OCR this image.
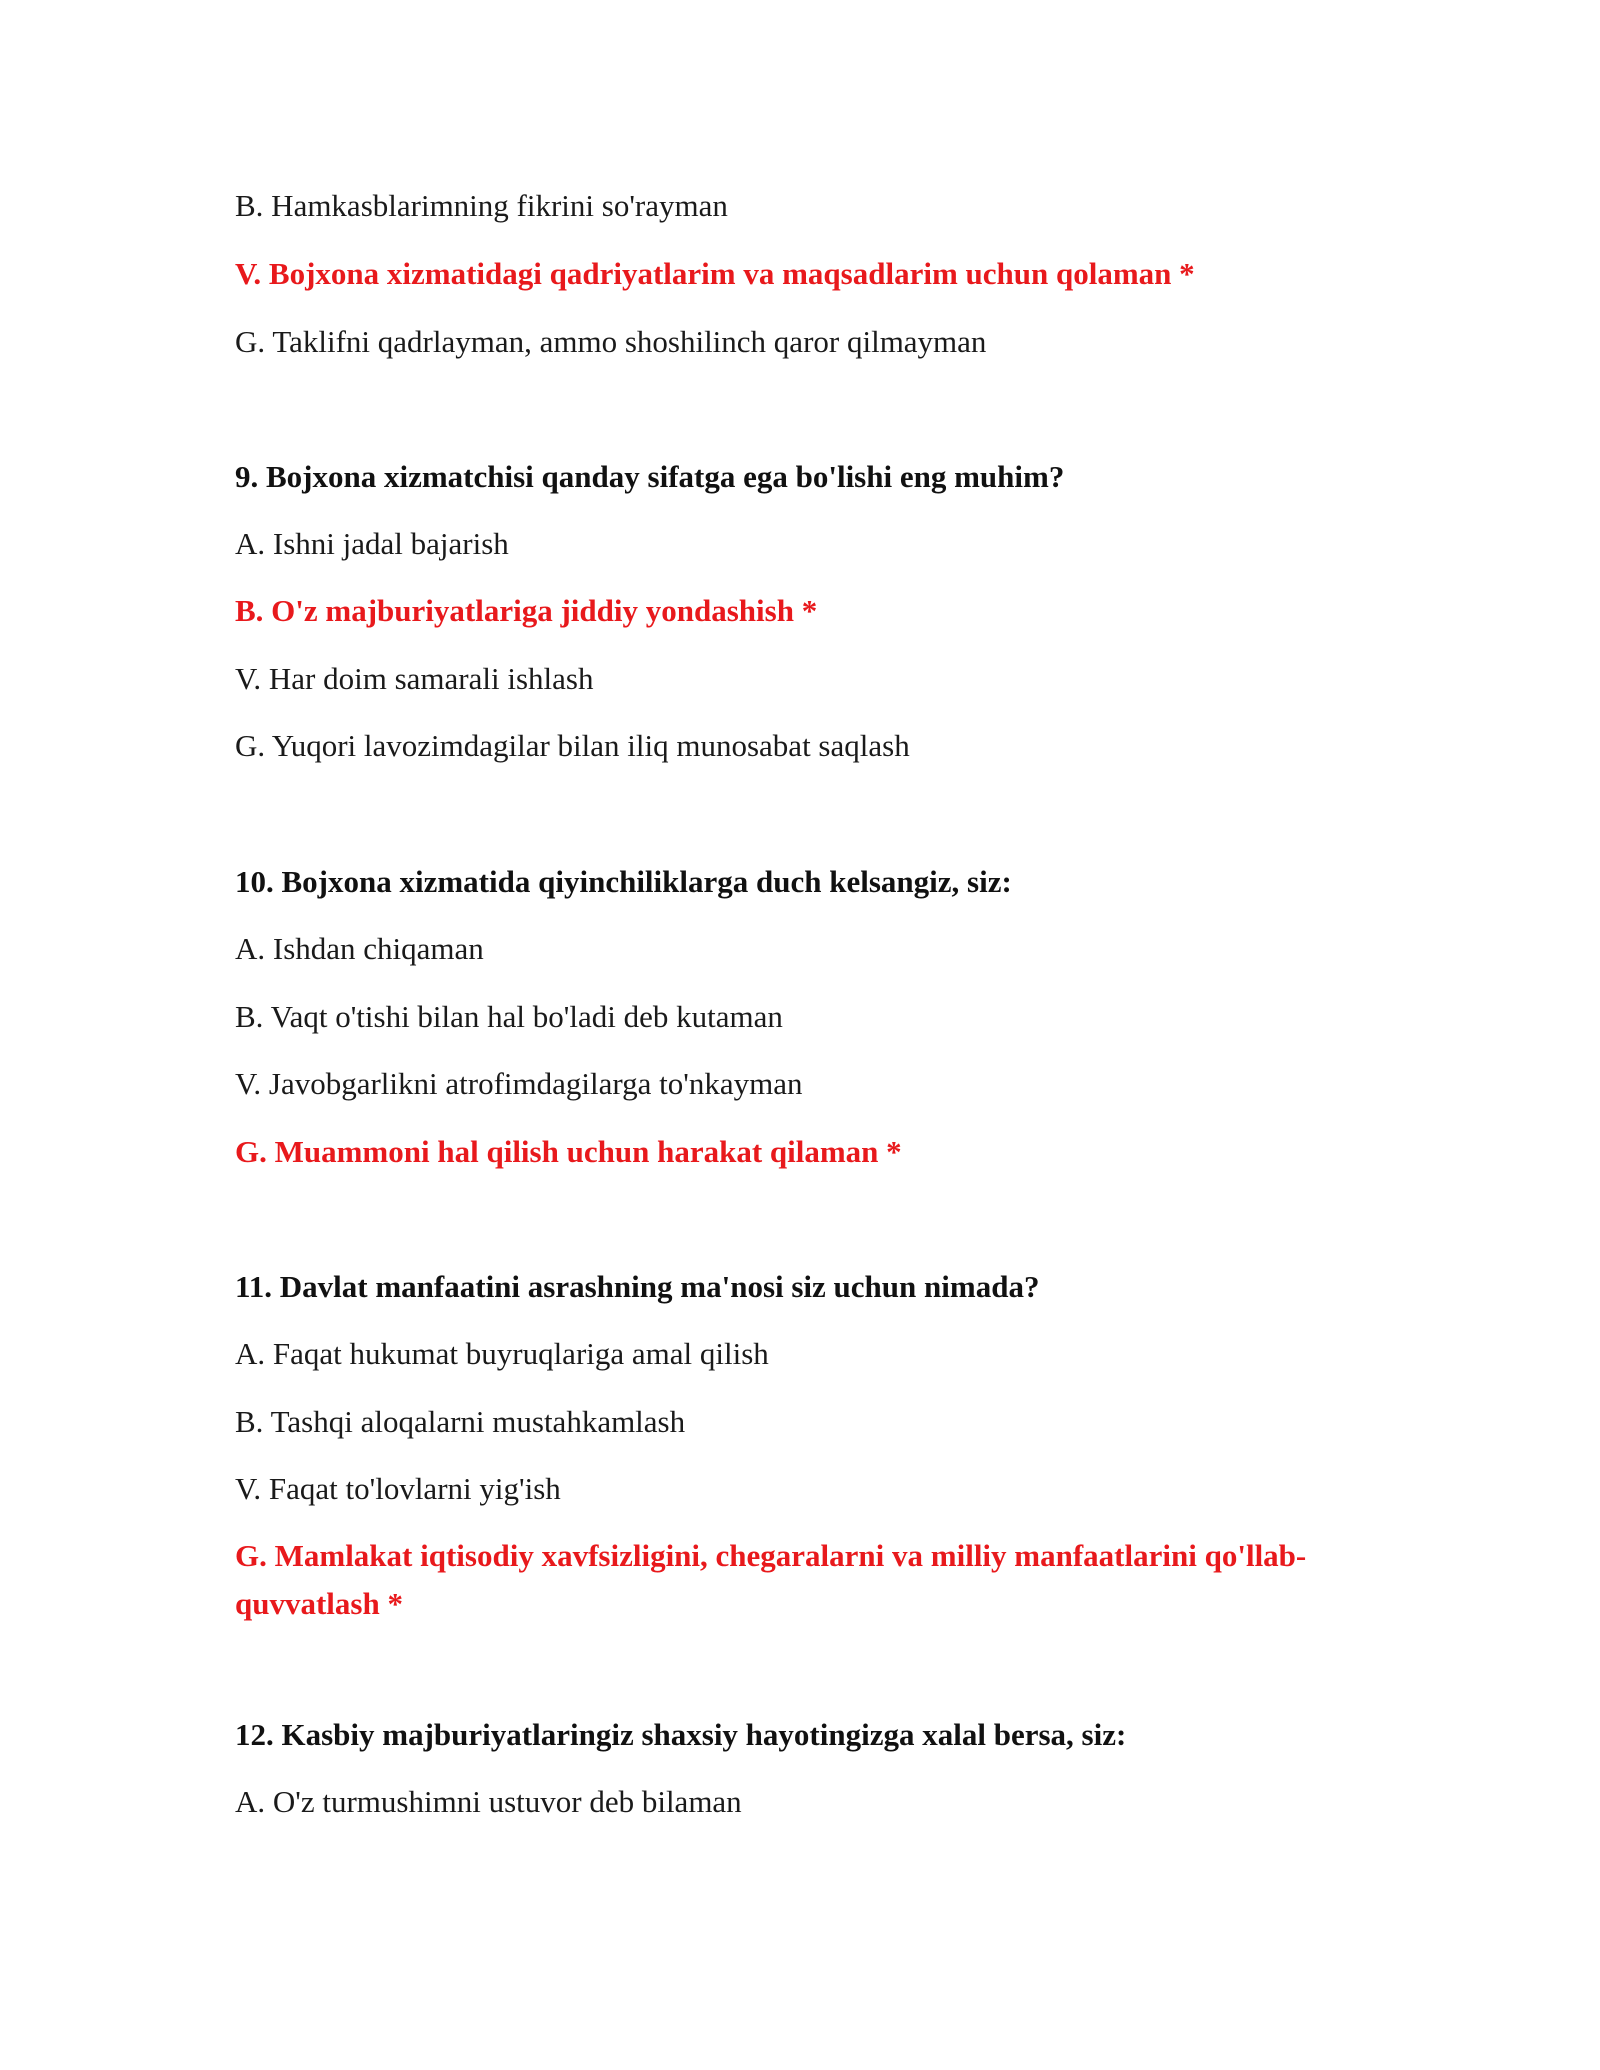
B. Hamkasblarimning fikrini so'rayman
V. Bojxona xizmatidagi qadriyatlarim va maqsadlarim uchun qolaman *
G. Taklifni qadrlayman, ammo shoshilinch qaror qilmayman
9. Bojxona xizmatchisi qanday sifatga ega bo'lishi eng muhim?
A. Ishni jadal bajarish
B. O'z majburiyatlariga jiddiy yondashish *
V. Har doim samarali ishlash
G. Yuqori lavozimdagilar bilan iliq munosabat saqlash
10. Bojxona xizmatida qiyinchiliklarga duch kelsangiz, siz:
A. Ishdan chiqaman
B. Vaqt o'tishi bilan hal bo'ladi deb kutaman
V. Javobgarlikni atrofimdagilarga to'nkayman
G. Muammoni hal qilish uchun harakat qilaman *
11. Davlat manfaatini asrashning ma'nosi siz uchun nimada?
A. Faqat hukumat buyruqlariga amal qilish
B. Tashqi aloqalarni mustahkamlash
V. Faqat to'lovlarni yig'ish
G. Mamlakat iqtisodiy xavfsizligini, chegaralarni va milliy manfaatlarini qo'llab-quvvatlash *
12. Kasbiy majburiyatlaringiz shaxsiy hayotingizga xalal bersa, siz:
A. O'z turmushimni ustuvor deb bilaman
